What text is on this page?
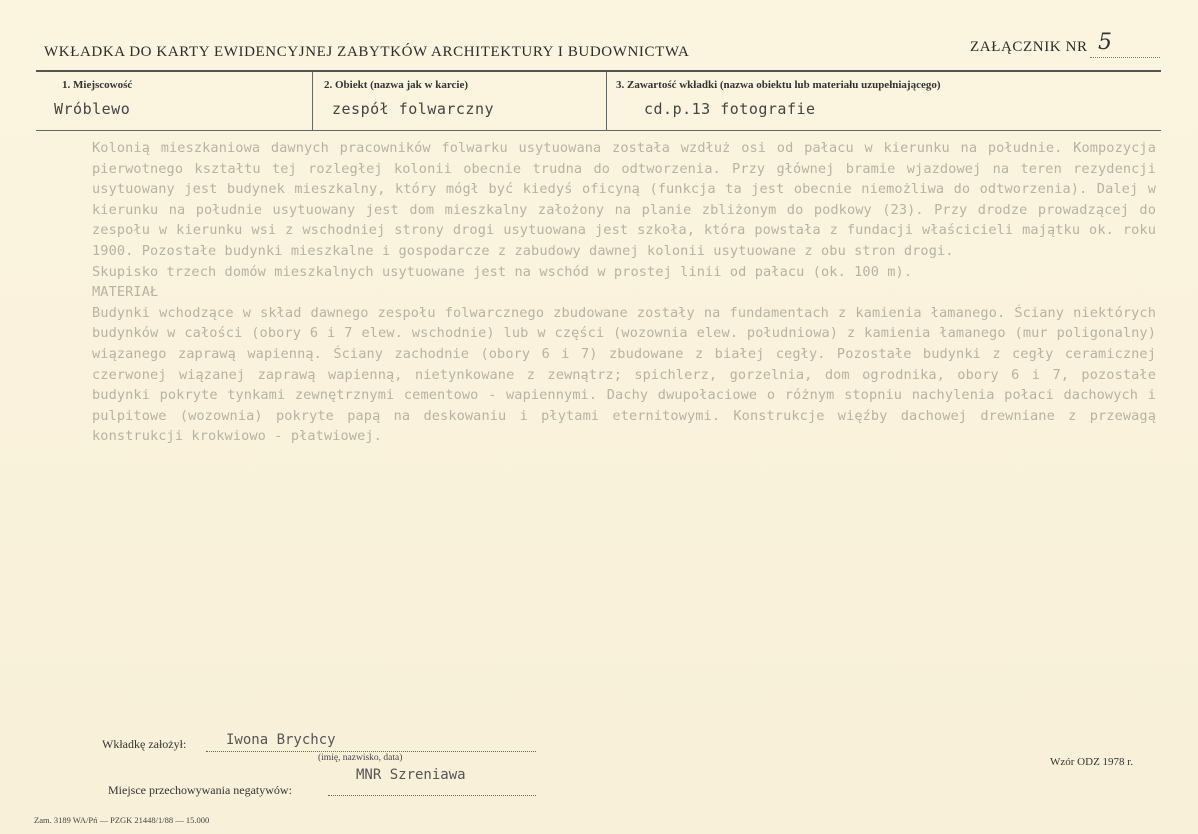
WKŁADKA DO KARTY EWIDENCYJNEJ ZABYTKÓW ARCHITEKTURY I BUDOWNICTWA	ZAŁĄCZNIK NR 5
1. Miejscowość
Wróblewo
2. Obiekt (nazwa jak w karcie)
zespół folwarczny
3. Zawartość wkładki (nazwa obiektu lub materiału uzupełniającego)
cd.p.13 fotografie

Kolonią mieszkaniowa dawnych pracowników folwarku usytuowana została wzdłuż osi od pałacu w kierunku na południe. Kompozycja pierwotnego kształtu tej rozległej kolonii obecnie trudna do odtworzenia. Przy głównej bramie wjazdowej na teren rezydencji usytuowany jest budynek mieszkalny, który mógł być kiedyś oficyną (funkcja ta jest obecnie niemożliwa do odtworzenia). Dalej w kierunku na południe usytuowany jest dom mieszkalny założony na planie zbliżonym do podkowy (23). Przy drodze prowadzącej do zespołu w kierunku wsi z wschodniej strony drogi usytuowana jest szkoła, która powstała z fundacji właścicieli majątku ok. roku 1900. Pozostałe budynki mieszkalne i gospodarcze z zabudowy dawnej kolonii usytuowane z obu stron drogi.

Skupisko trzech domów mieszkalnych usytuowane jest na wschód w prostej linii od pałacu (ok. 100 m).

MATERIAŁ

Budynki wchodzące w skład dawnego zespołu folwarcznego zbudowane zostały na fundamentach z kamienia łamanego. Ściany niektórych budynków w całości (obory 6 i 7 elew. wschodnie) lub w części (wozownia elew. południowa) z kamienia łamanego (mur poligonalny) wiązanego zaprawą wapienną. Ściany zachodnie (obory 6 i 7) zbudowane z białej cegły. Pozostałe budynki z cegły ceramicznej czerwonej wiązanej zaprawą wapienną, nietynkowane z zewnątrz; spichlerz, gorzelnia, dom ogrodnika, obory 6 i 7, pozostałe budynki pokryte tynkami zewnętrznymi cementowo - wapiennymi. Dachy dwupołaciowe o różnym stopniu nachylenia połaci dachowych i pulpitowe (wozownia) pokryte papą na deskowaniu i płytami eternitowymi. Konstrukcje więźby dachowej drewniane z przewagą konstrukcji krokwiowo - płatwiowej.

Wkładkę założył:	Iwona Brychcy
(imię, nazwisko, data)
Miejsce przechowywania negatywów:
MNR Szreniawa
Wzór ODZ 1978 r.
Zam. 3189 WA/Pń — PZGK 21448/1/88 — 15.000
